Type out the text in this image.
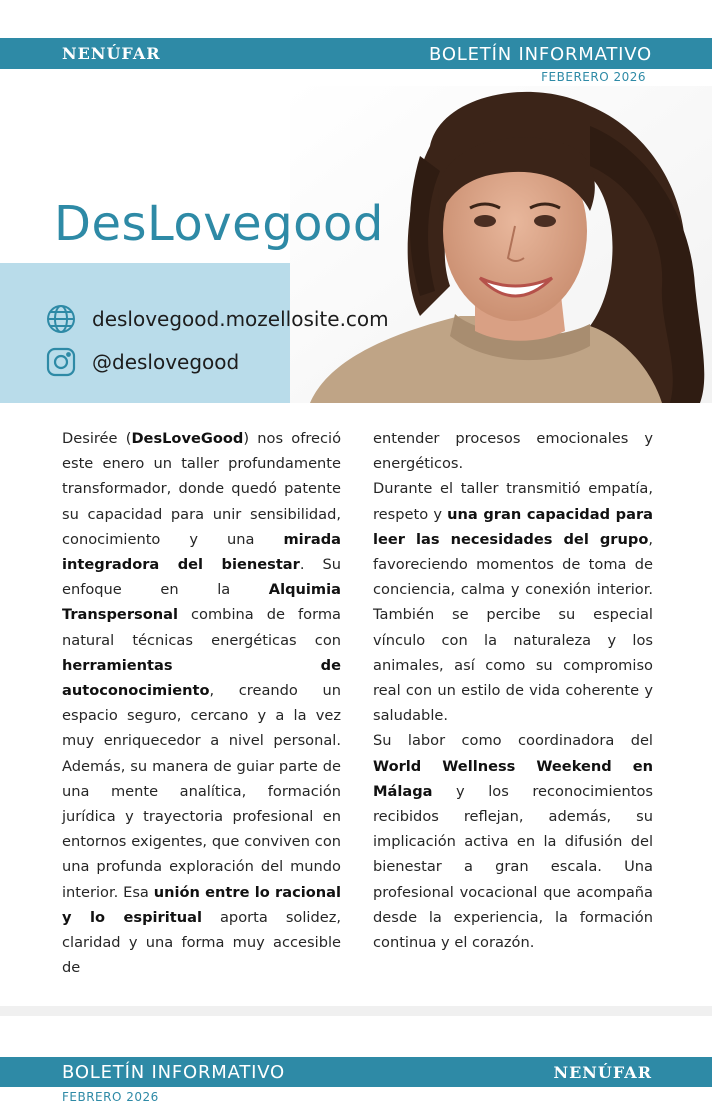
NENÚFAR	BOLETÍN INFORMATIVO
FEBERERO 2026
DesLovegood
deslovegood.mozellosite.com
@deslovegood

Desirée (DesLoveGood) nos ofreció este enero un taller profundamente transformador, donde quedó patente su capacidad para unir sensibilidad, conocimiento y una mirada integradora del bienestar. Su enfoque en la Alquimia Transpersonal combina de forma natural técnicas energéticas con herramientas de autoconocimiento, creando un espacio seguro, cercano y a la vez muy enriquecedor a nivel personal. Además, su manera de guiar parte de una mente analítica, formación jurídica y trayectoria profesional en entornos exigentes, que conviven con una profunda exploración del mundo interior. Esa unión entre lo racional y lo espiritual aporta solidez, claridad y una forma muy accesible de

entender procesos emocionales y energéticos.
Durante el taller transmitió empatía, respeto y una gran capacidad para leer las necesidades del grupo, favoreciendo momentos de toma de conciencia, calma y conexión interior. También se percibe su especial vínculo con la naturaleza y los animales, así como su compromiso real con un estilo de vida coherente y saludable.
Su labor como coordinadora del World Wellness Weekend en Málaga y los reconocimientos recibidos reflejan, además, su implicación activa en la difusión del bienestar a gran escala. Una profesional vocacional que acompaña desde la experiencia, la formación continua y el corazón.

BOLETÍN INFORMATIVO	NENÚFAR
FEBRERO 2026
